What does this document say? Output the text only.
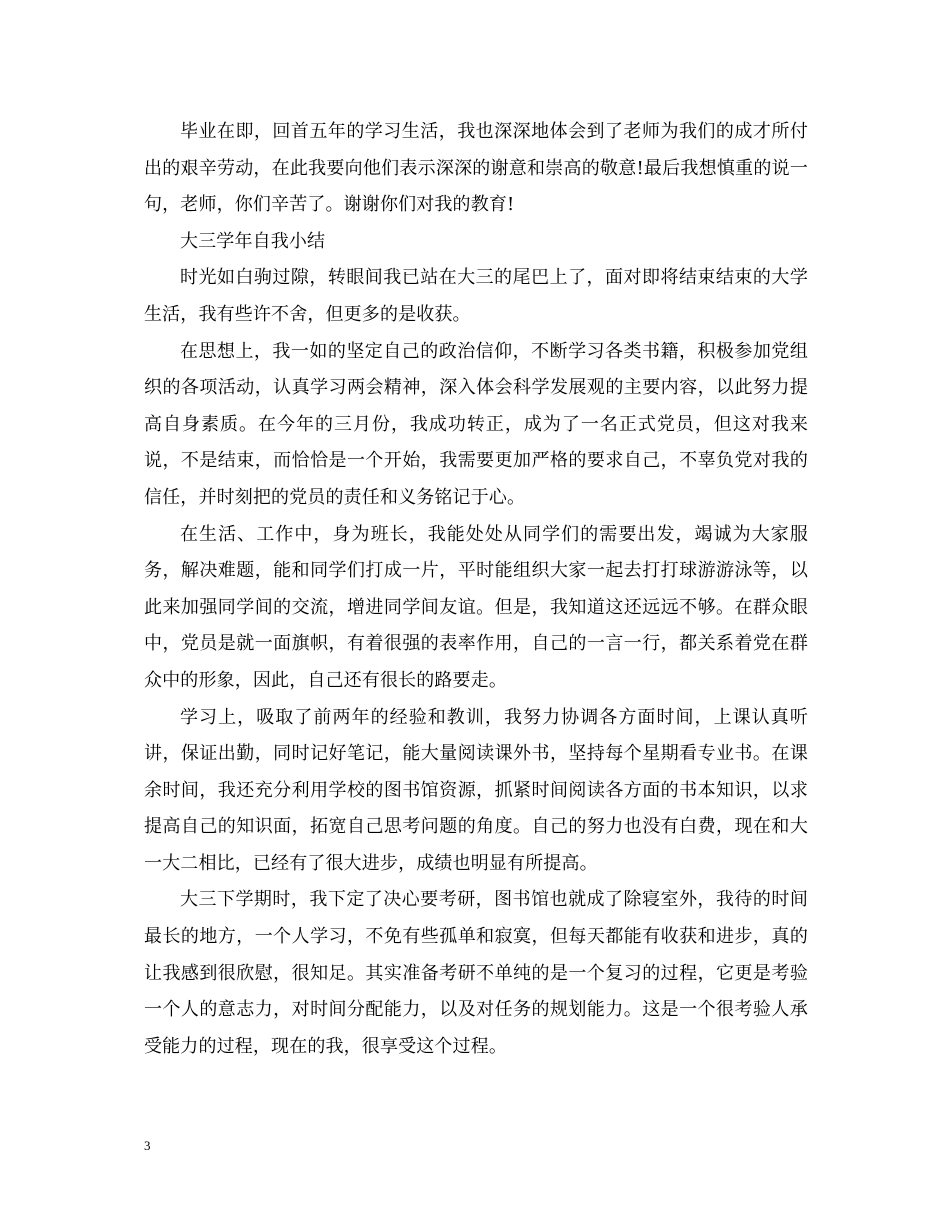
毕业在即，回首五年的学习生活，我也深深地体会到了老师为我们的成才所付出的艰辛劳动，在此我要向他们表示深深的谢意和崇高的敬意!最后我想慎重的说一句，老师，你们辛苦了。谢谢你们对我的教育!

大三学年自我小结

时光如白驹过隙，转眼间我已站在大三的尾巴上了，面对即将结束结束的大学生活，我有些许不舍，但更多的是收获。

在思想上，我一如的坚定自己的政治信仰，不断学习各类书籍，积极参加党组织的各项活动，认真学习两会精神，深入体会科学发展观的主要内容，以此努力提高自身素质。在今年的三月份，我成功转正，成为了一名正式党员，但这对我来说，不是结束，而恰恰是一个开始，我需要更加严格的要求自己，不辜负党对我的信任，并时刻把的党员的责任和义务铭记于心。

在生活、工作中，身为班长，我能处处从同学们的需要出发，竭诚为大家服务，解决难题，能和同学们打成一片，平时能组织大家一起去打打球游游泳等，以此来加强同学间的交流，增进同学间友谊。但是，我知道这还远远不够。在群众眼中，党员是就一面旗帜，有着很强的表率作用，自己的一言一行，都关系着党在群众中的形象，因此，自己还有很长的路要走。

学习上，吸取了前两年的经验和教训，我努力协调各方面时间，上课认真听讲，保证出勤，同时记好笔记，能大量阅读课外书，坚持每个星期看专业书。在课余时间，我还充分利用学校的图书馆资源，抓紧时间阅读各方面的书本知识，以求提高自己的知识面，拓宽自己思考问题的角度。自己的努力也没有白费，现在和大一大二相比，已经有了很大进步，成绩也明显有所提高。

大三下学期时，我下定了决心要考研，图书馆也就成了除寝室外，我待的时间最长的地方，一个人学习，不免有些孤单和寂寞，但每天都能有收获和进步，真的让我感到很欣慰，很知足。其实准备考研不单纯的是一个复习的过程，它更是考验一个人的意志力，对时间分配能力，以及对任务的规划能力。这是一个很考验人承受能力的过程，现在的我，很享受这个过程。

3
